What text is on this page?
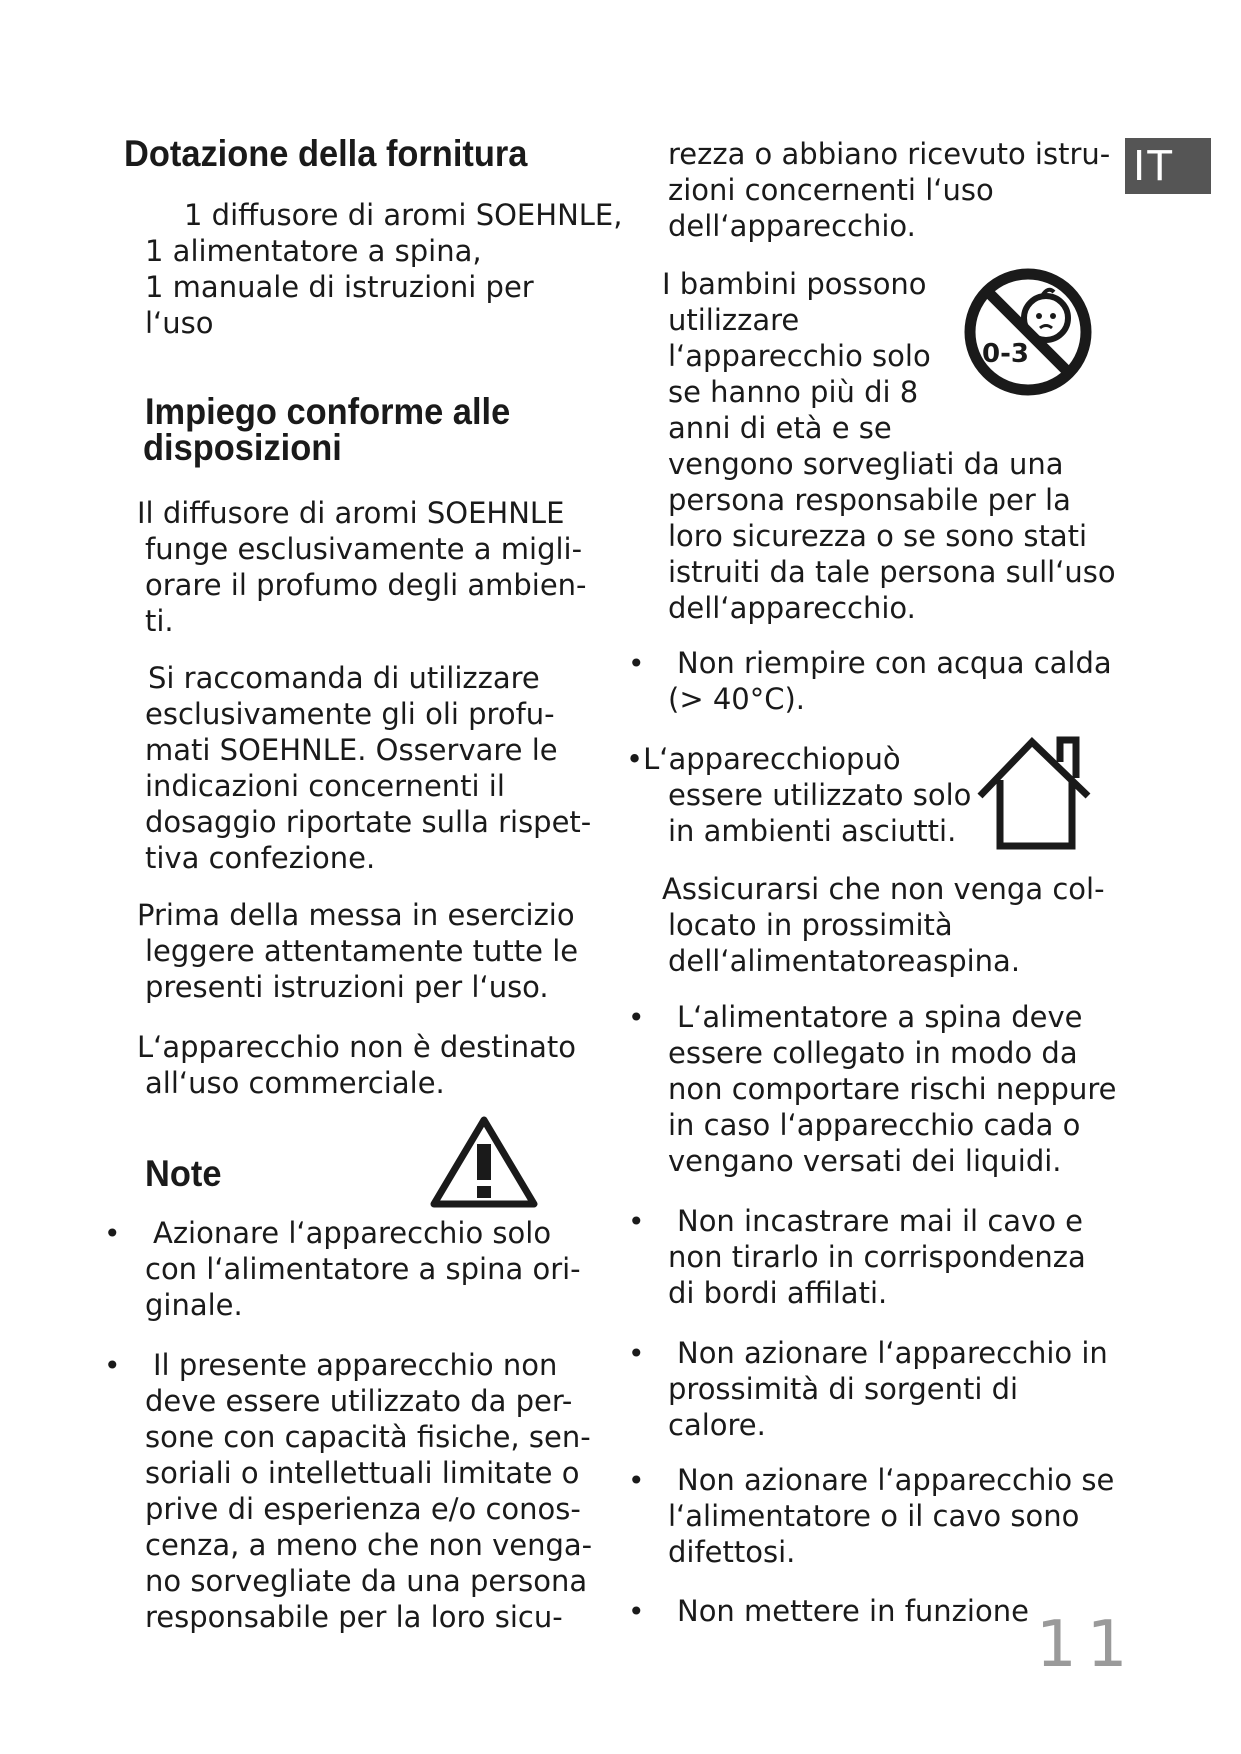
IT
11
Dotazione della fornitura
1 diffusore di aromi SOEHNLE,
1 alimentatore a spina,
1 manuale di istruzioni per
l‘uso
Impiego conforme alle
disposizioni
Il diffusore di aromi SOEHNLE
funge esclusivamente a migli-
orare il profumo degli ambien-
ti.
Si raccomanda di utilizzare
esclusivamente gli oli profu-
mati SOEHNLE. Osservare le
indicazioni concernenti il
dosaggio riportate sulla rispet-
tiva confezione.
Prima della messa in esercizio
leggere attentamente tutte le
presenti istruzioni per l‘uso.
L‘apparecchio non è destinato
all‘uso commerciale.
Note
• Azionare l‘apparecchio solo
con l‘alimentatore a spina ori-
ginale.
• Il presente apparecchio non
deve essere utilizzato da per-
sone con capacità fisiche, sen-
soriali o intellettuali limitate o
prive di esperienza e/o conos-
cenza, a meno che non venga-
no sorvegliate da una persona
responsabile per la loro sicu-
rezza o abbiano ricevuto istru-
zioni concernenti l‘uso
dell‘apparecchio.
I bambini possono
utilizzare
l‘apparecchio solo
se hanno più di 8
anni di età e se
vengono sorvegliati da una
persona responsabile per la
loro sicurezza o se sono stati
istruiti da tale persona sull‘uso
dell‘apparecchio.
0-3
• Non riempire con acqua calda
(> 40°C).
•L‘apparecchiopuò
essere utilizzato solo
in ambienti asciutti.
Assicurarsi che non venga col-
locato in prossimità
dell‘alimentatoreaspina.
• L‘alimentatore a spina deve
essere collegato in modo da
non comportare rischi neppure
in caso l‘apparecchio cada o
vengano versati dei liquidi.
• Non incastrare mai il cavo e
non tirarlo in corrispondenza
di bordi affilati.
• Non azionare l‘apparecchio in
prossimità di sorgenti di
calore.
• Non azionare l‘apparecchio se
l‘alimentatore o il cavo sono
difettosi.
• Non mettere in funzione
